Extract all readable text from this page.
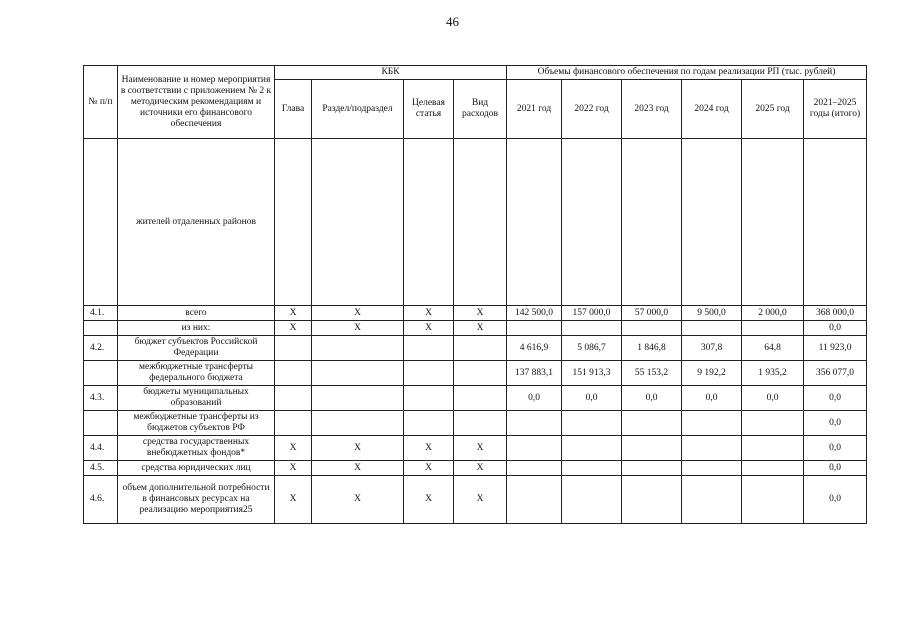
46
№ п/п	Наименование и номер мероприятия в соответствии с приложением № 2 к методическим рекомендациям и источники его финансового обеспечения	КБК				Объемы финансового обеспечения по годам реализации РП (тыс. рублей)					
		Глава	Раздел/подраздел	Целевая статья	Вид расходов	2021 год	2022 год	2023 год	2024 год	2025 год	2021–2025 годы (итого)
	жителей отдаленных районов										
4.1.	всего	X	X	X	X	142 500,0	157 000,0	57 000,0	9 500,0	2 000,0	368 000,0
	из них:	X	X	X	X						0,0
4.2.	бюджет субъектов Российской Федерации					4 616,9	5 086,7	1 846,8	307,8	64,8	11 923,0
	межбюджетные трансферты федерального бюджета					137 883,1	151 913,3	55 153,2	9 192,2	1 935,2	356 077,0
4.3.	бюджеты муниципальных образований					0,0	0,0	0,0	0,0	0,0	0,0
	межбюджетные трансферты из бюджетов субъектов РФ										0,0
4.4.	средства государственных внебюджетных фондов*	X	X	X	X						0,0
4.5.	средства юридических лиц	X	X	X	X						0,0
4.6.	объем дополнительной потребности в финансовых ресурсах на реализацию мероприятия25	X	X	X	X						0,0
